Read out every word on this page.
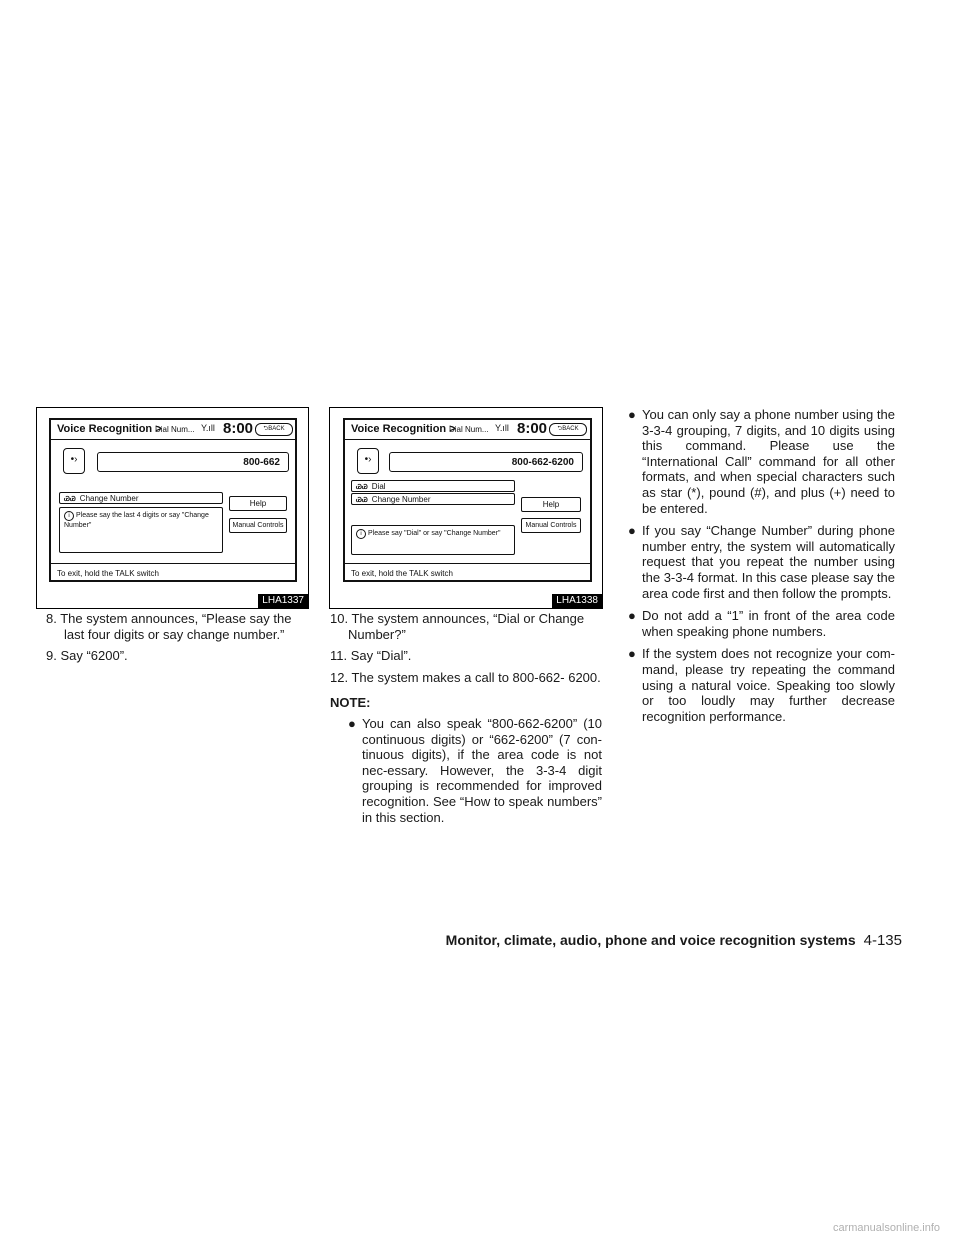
Voice Recognition >
Dial Num... Y.ıll 8:00	⮌BACK
•›	800-662
ᏊᏊ Change Number
Help
i Please say the last 4 digits or say "Change Number"	Manual Controls
To exit, hold the TALK switch
LHA1337
Voice Recognition >
Dial Num... Y.ıll 8:00	⮌BACK
•›	800-662-6200
ᏊᏊ Dial
ᏊᏊ Change Number
Help
Manual Controls
i Please say "Dial" or say "Change Number"
To exit, hold the TALK switch
LHA1338

8. The system announces, “Please say the last four digits or say change number.”

9. Say “6200”.

10. The system announces, “Dial or Change Number?”

11. Say “Dial”.

12. The system makes a call to 800-662- 6200.

NOTE:

● You can also speak “800-662-6200” (10 continuous digits) or “662-6200” (7 con-tinuous digits), if the area code is not nec-essary. However, the 3-3-4 digit grouping is recommended for improved recognition. See “How to speak numbers” in this section.

● You can only say a phone number using the 3-3-4 grouping, 7 digits, and 10 digits using this command. Please use the “International Call” command for all other formats, and when special characters such as star (*), pound (#), and plus (+) need to be entered.

● If you say “Change Number” during phone number entry, the system will automatically request that you repeat the number using the 3-3-4 format. In this case please say the area code first and then follow the prompts.

● Do not add a “1” in front of the area code when speaking phone numbers.

● If the system does not recognize your com-mand, please try repeating the command using a natural voice. Speaking too slowly or too loudly may further decrease recognition performance.

Monitor, climate, audio, phone and voice recognition systems 4-135
carmanualsonline.info
